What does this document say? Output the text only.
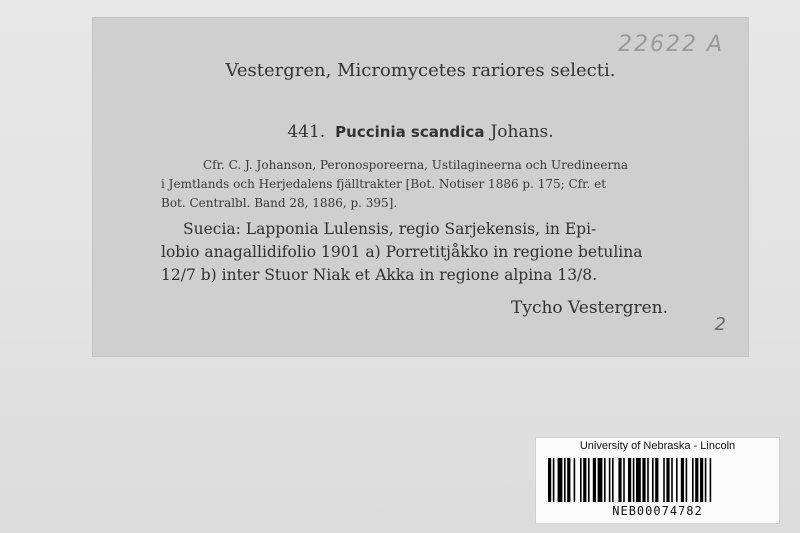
22622 A
Vestergren, Micromycetes rariores selecti.
441. Puccinia scandica Johans.
Cfr. C. J. Johanson, Peronosporeerna, Ustilagineerna och Uredineerna
i Jemtlands och Herjedalens fjälltrakter [Bot. Notiser 1886 p. 175; Cfr. et
Bot. Centralbl. Band 28, 1886, p. 395].
Suecia: Lapponia Lulensis, regio Sarjekensis, in Epi-
lobio anagallidifolio 1901 a) Porretitjåkko in regione betulina
12/7 b) inter Stuor Niak et Akka in regione alpina 13/8.
Tycho Vestergren.
2
University of Nebraska - Lincoln
NEB00074782
